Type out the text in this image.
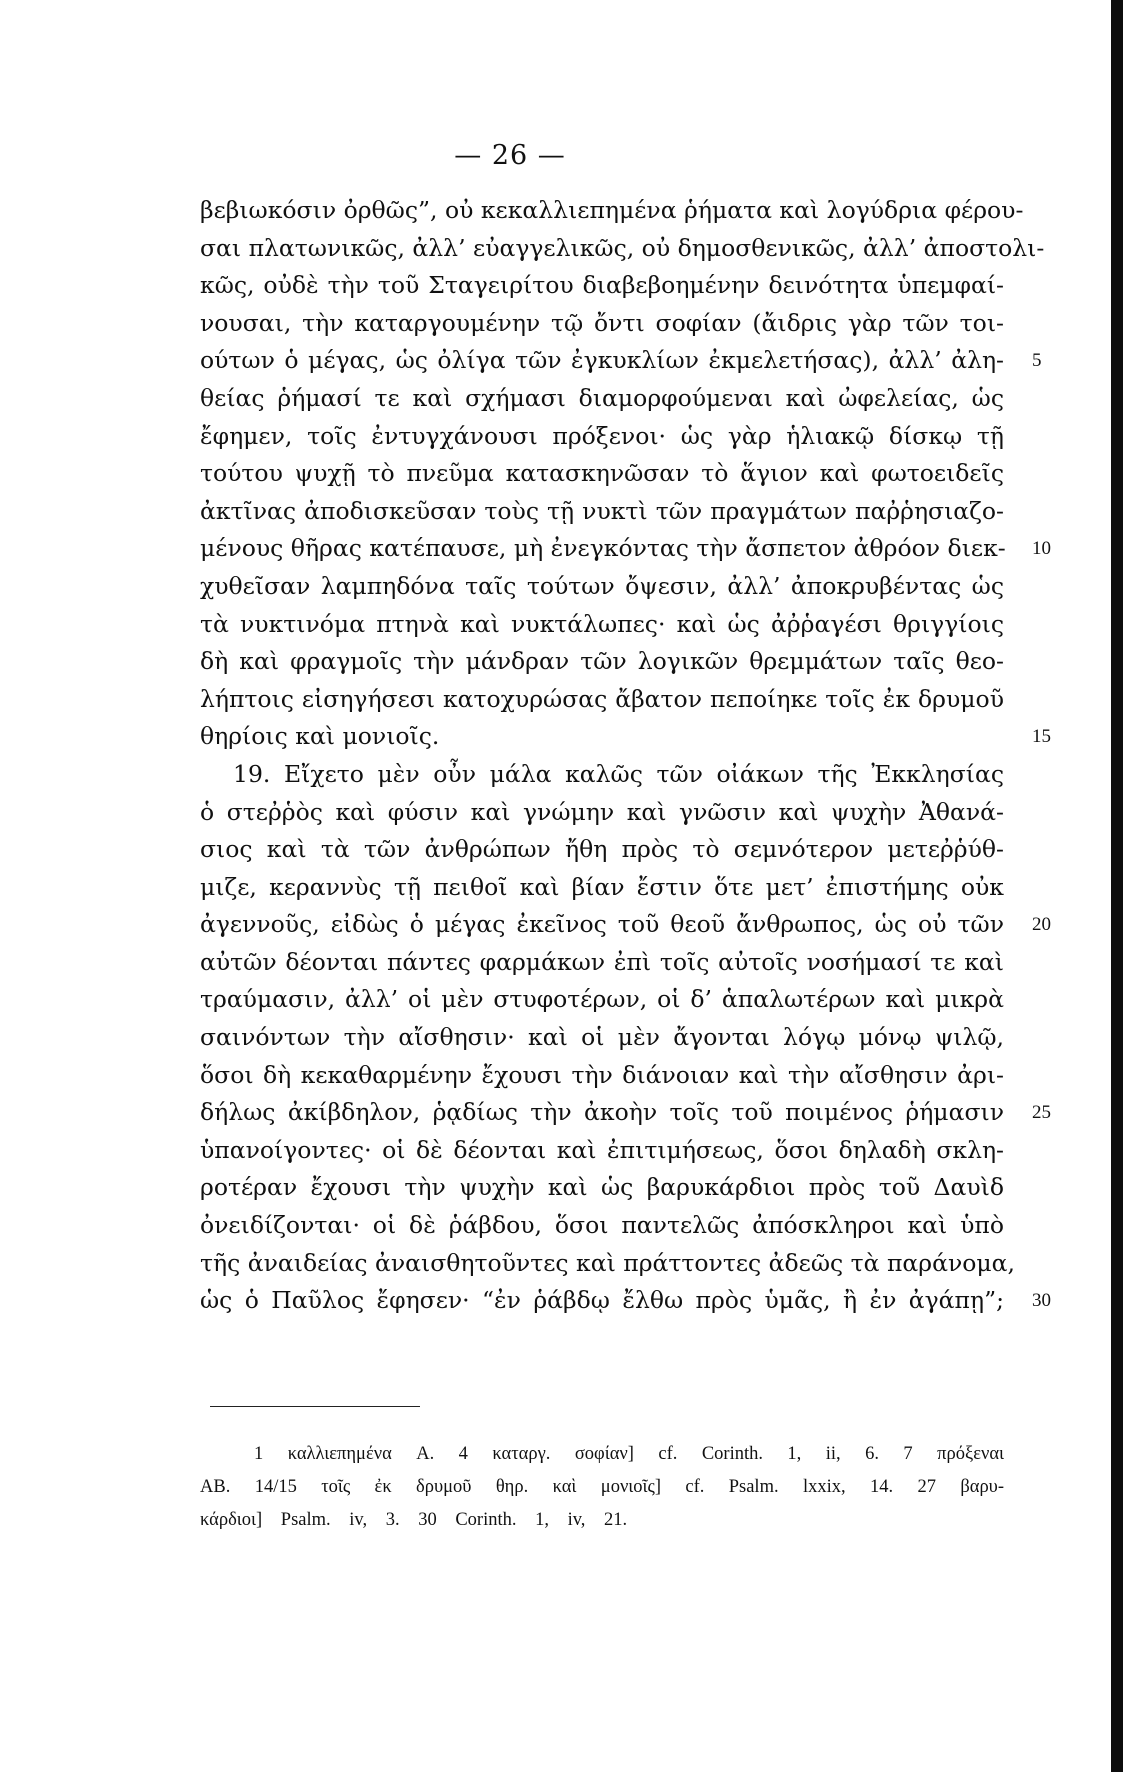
— 26 —
βεβιωκόσιν ὀρθῶς”, οὐ κεκαλλιεπημένα ῥήματα καὶ λογύδρια φέρου-
σαι πλατωνικῶς, ἀλλ’ εὐαγγελικῶς, οὐ δημοσθενικῶς, ἀλλ’ ἀποστολι-
κῶς, οὐδὲ τὴν τοῦ Σταγειρίτου διαβεβοημένην δεινότητα ὑπεμφαί-
νουσαι, τὴν καταργουμένην τῷ ὄντι σοφίαν (ἄιδρις γὰρ τῶν τοι-
ούτων ὁ μέγας, ὡς ὀλίγα τῶν ἐγκυκλίων ἐκμελετήσας), ἀλλ’ ἀλη- 5
θείας ῥήμασί τε καὶ σχήμασι διαμορφούμεναι καὶ ὠφελείας, ὡς
ἔφημεν, τοῖς ἐντυγχάνουσι πρόξενοι· ὡς γὰρ ἡλιακῷ δίσκῳ τῇ
τούτου ψυχῇ τὸ πνεῦμα κατασκηνῶσαν τὸ ἅγιον καὶ φωτοειδεῖς
ἀκτῖνας ἀποδισκεῦσαν τοὺς τῇ νυκτὶ τῶν πραγμάτων παῤῥησιαζο-
μένους θῆρας κατέπαυσε, μὴ ἐνεγκόντας τὴν ἄσπετον ἀθρόον διεκ- 10
χυθεῖσαν λαμπηδόνα ταῖς τούτων ὄψεσιν, ἀλλ’ ἀποκρυβέντας ὡς
τὰ νυκτινόμα πτηνὰ καὶ νυκτάλωπες· καὶ ὡς ἀῤῥαγέσι θριγγίοις
δὴ καὶ φραγμοῖς τὴν μάνδραν τῶν λογικῶν θρεμμάτων ταῖς θεο-
λήπτοις εἰσηγήσεσι κατοχυρώσας ἄβατον πεποίηκε τοῖς ἐκ δρυμοῦ
θηρίοις καὶ μονιοῖς.	15
19. Εἴχετο μὲν οὖν μάλα καλῶς τῶν οἰάκων τῆς Ἐκκλησίας
ὁ στεῤῥὸς καὶ φύσιν καὶ γνώμην καὶ γνῶσιν καὶ ψυχὴν Ἀθανά-
σιος καὶ τὰ τῶν ἀνθρώπων ἤθη πρὸς τὸ σεμνότερον μετεῤῥύθ-
μιζε, κεραννὺς τῇ πειθοῖ καὶ βίαν ἔστιν ὅτε μετ’ ἐπιστήμης οὐκ
ἀγεννοῦς, εἰδὼς ὁ μέγας ἐκεῖνος τοῦ θεοῦ ἄνθρωπος, ὡς οὐ τῶν 20
αὐτῶν δέονται πάντες φαρμάκων ἐπὶ τοῖς αὐτοῖς νοσήμασί τε καὶ
τραύμασιν, ἀλλ’ οἱ μὲν στυφοτέρων, οἱ δ’ ἁπαλωτέρων καὶ μικρὰ
σαινόντων τὴν αἴσθησιν· καὶ οἱ μὲν ἄγονται λόγῳ μόνῳ ψιλῷ,
ὅσοι δὴ κεκαθαρμένην ἔχουσι τὴν διάνοιαν καὶ τὴν αἴσθησιν ἀρι-
δήλως ἀκίβδηλον, ῥᾳδίως τὴν ἀκοὴν τοῖς τοῦ ποιμένος ῥήμασιν 25
ὑπανοίγοντες· οἱ δὲ δέονται καὶ ἐπιτιμήσεως, ὅσοι δηλαδὴ σκλη-
ροτέραν ἔχουσι τὴν ψυχὴν καὶ ὡς βαρυκάρδιοι πρὸς τοῦ Δαυὶδ
ὀνειδίζονται· οἱ δὲ ῥάβδου, ὅσοι παντελῶς ἀπόσκληροι καὶ ὑπὸ
τῆς ἀναιδείας ἀναισθητοῦντες καὶ πράττοντες ἀδεῶς τὰ παράνομα,
ὡς ὁ Παῦλος ἔφησεν· “ἐν ῥάβδῳ ἔλθω πρὸς ὑμᾶς, ἢ ἐν ἀγάπῃ”; 30
1 καλλιεπημένα A. 4 καταργ. σοφίαν] cf. Corinth. 1, ii, 6. 7 πρόξεναι
AB. 14/15 τοῖς ἐκ δρυμοῦ θηρ. καὶ μονιοῖς] cf. Psalm. lxxix, 14. 27 βαρυ-
κάρδιοι] Psalm. iv, 3. 30 Corinth. 1, iv, 21.
